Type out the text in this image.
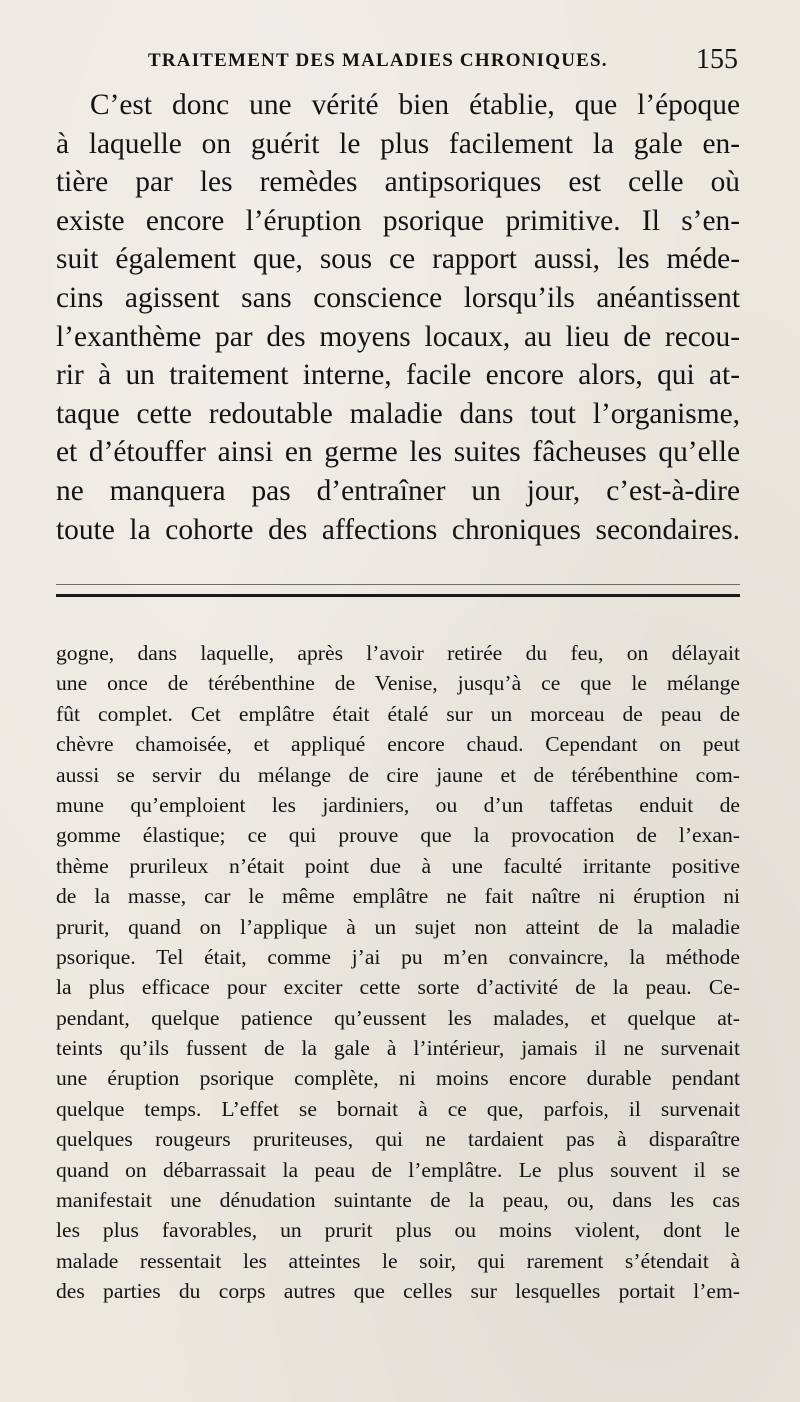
TRAITEMENT DES MALADIES CHRONIQUES.	155
C’est donc une vérité bien établie, que l’époque
à laquelle on guérit le plus facilement la gale en-
tière par les remèdes antipsoriques est celle où
existe encore l’éruption psorique primitive. Il s’en-
suit également que, sous ce rapport aussi, les méde-
cins agissent sans conscience lorsqu’ils anéantissent
l’exanthème par des moyens locaux, au lieu de recou-
rir à un traitement interne, facile encore alors, qui at-
taque cette redoutable maladie dans tout l’organisme,
et d’étouffer ainsi en germe les suites fâcheuses qu’elle
ne manquera pas d’entraîner un jour, c’est-à-dire
toute la cohorte des affections chroniques secondaires.
gogne, dans laquelle, après l’avoir retirée du feu, on délayait
une once de térébenthine de Venise, jusqu’à ce que le mélange
fût complet. Cet emplâtre était étalé sur un morceau de peau de
chèvre chamoisée, et appliqué encore chaud. Cependant on peut
aussi se servir du mélange de cire jaune et de térébenthine com-
mune qu’emploient les jardiniers, ou d’un taffetas enduit de
gomme élastique; ce qui prouve que la provocation de l’exan-
thème prurileux n’était point due à une faculté irritante positive
de la masse, car le même emplâtre ne fait naître ni éruption ni
prurit, quand on l’applique à un sujet non atteint de la maladie
psorique. Tel était, comme j’ai pu m’en convaincre, la méthode
la plus efficace pour exciter cette sorte d’activité de la peau. Ce-
pendant, quelque patience qu’eussent les malades, et quelque at-
teints qu’ils fussent de la gale à l’intérieur, jamais il ne survenait
une éruption psorique complète, ni moins encore durable pendant
quelque temps. L’effet se bornait à ce que, parfois, il survenait
quelques rougeurs pruriteuses, qui ne tardaient pas à disparaître
quand on débarrassait la peau de l’emplâtre. Le plus souvent il se
manifestait une dénudation suintante de la peau, ou, dans les cas
les plus favorables, un prurit plus ou moins violent, dont le
malade ressentait les atteintes le soir, qui rarement s’étendait à
des parties du corps autres que celles sur lesquelles portait l’em-
